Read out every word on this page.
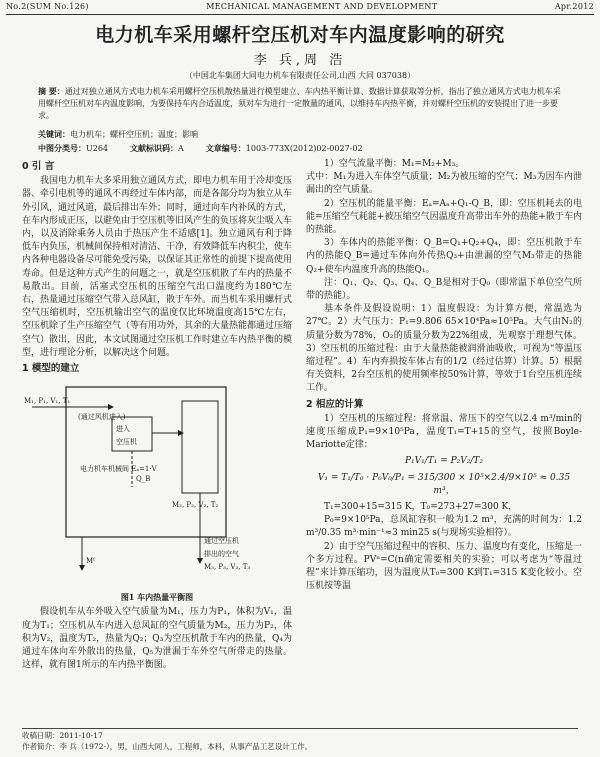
No.2(SUM No.126)	MECHANICAL MANAGEMENT AND DEVELOPMENT	Apr.2012
电力机车采用螺杆空压机对车内温度影响的研究
李 兵,周 浩
（中国北车集团大同电力机车有限责任公司,山西 大同 037038）
摘 要：通过对独立通风方式电力机车采用螺杆空压机散热量进行模型建立、车内热平衡计算、数据计算获取等分析，指出了独立通风方式电力机车采用螺杆空压机对车内温度影响，为要保持车内合适温度，须对车为进行一定散量的通风，以维持车内热平衡，并对螺杆空压机的安装提出了进一步要求。
关键词：电力机车；螺杆空压机；温度；影响
中图分类号：U264	文献标识码：A	文章编号：1003-773X(2012)02-0027-02
0 引 言

我国电力机车大多采用独立通风方式，即电力机车用于冷却变压器、牵引电机等的通风不再经过车体内部，而是各部分均为独立从车外引风，通过风道，最后排出车外；同时，通过向车内补风的方式，在车内形成正压，以避免由于空压机等旧风产生的负压将灰尘吸入车内，以及消除乘务人员由于热压产生不适感[1]。独立通风有利于降低车内负压，机械间保持相对清洁、干净，有效降低车内积尘，使车内各种电器设备尽可能免受污染，以保证其正常性的前提下提高使用寿命。但是这种方式产生的问题之一，就是空压机散了车内的热量不易散出。目前，活塞式空压机的压缩空气出口温度约为180℃左右，热量通过压缩空气带入总风缸，散于车外。而当机车采用螺杆式空气压缩机时，空压机输出空气的温度仅比环境温度高15℃左右，空压机除了生产压缩空气（等有用功外，其余的大量热能都通过压缩空气）散出，因此，本文试图通过空压机工作时建立车内热平衡的模型，进行理论分析，以解决这个问题。

1 模型的建立
M₁, P₁, V₁, T₁
(通过风机进入)
进入
空压机
M₂, P₂, V₂, T₂
电力机车机械间 Eₐ=1·V
Mᶠ
Q_B
通过空压机
排出的空气
M₃, P₃, V₃, T₃
图1 车内热量平衡图

假设机车从车外吸入空气质量为M₁，压力为P₁，体积为V₁，温度为T₁；空压机从车内进入总风缸的空气质量为M₂，压力为P₂，体积为V₂，温度为T₂，热量为Q₂；Q₃为空压机散于车内的热量，Q₄为通过车体向车外散出的热量，Q₅为泄漏于车外空气所带走的热量。这样，就有图1所示的车内热平衡图。

1）空气流量平衡：M₁=M₂+M₃。

式中：M₁为进入车体空气质量；M₂为被压缩的空气；M₃为因车内泄漏出的空气质量。

2）空压机的能量平衡：Eₐ=Aₙ+Q₁-Q_B，即：空压机耗去的电能=压缩空气耗能+被压缩空气因温度升高带出车外的热能+散于车内的热能。

3）车体内的热能平衡：Q_B=Q₁+Q₂+Q₄，即：空压机散于车内的热能Q_B=通过车体向外传热Q₃+由泄漏的空气M₃带走的热能Q₂+使车内温度升高的热能Q₁。

注：Q₁、Q₂、Q₃、Q₄、Q_B是相对于Q₀（即常温下单位空气所带的热能）。

基本条件及假设说明：1）温度假设：为计算方便，常温选为27℃。2）大气压力：P₁=9.806 65×10⁴Pa≈10⁵Pa。大气由N₂的质量分数为78%，O₂的质量分数为22%组成，先观察于理想气体。3）空压机的压缩过程：由于大量热能被润滑油吸收，可视为“等温压缩过程”。4）车内弃损按车体占有的1/2（经过估算）计算。5）根据有关资料，2台空压机的使用频率按50%计算，等效于1台空压机连续工作。

2 相应的计算

1）空压机的压缩过程：将常温、常压下的空气以2.4 m³/min的速度压缩成P₁=9×10⁵Pa，温度T₁=T+15的空气，按照Boyle-Mariotte定律：

P₁V₁/T₁ = P₂V₂/T₂
V₁ = T₁/T₀ · P₀V₀/P₁ = 315/300 × 10⁵×2.4/9×10⁵ ≈ 0.35 m³，

T₁=300+15=315 K，T₀=273+27=300 K，

P₀=9×10⁵Pa，总风缸容积一般为1.2 m³，充满的时间为：1.2 m³/0.35 m³·min⁻¹≈3 min25 s(与现场实验相符）。

2）由于空气压缩过程中的容积、压力、温度均有变化，压缩是一个多方过程。PVⁿ=C(n确定需要相关的实验；可以考虑为“等温过程”来计算压缩功，因为温度从T₀=300 K到T₁=315 K变化较小。空压机按等温

收稿日期：2011-10-17
作者简介：李 兵（1972-），男，山西大同人，工程师，本科，从事产品工艺设计工作。
